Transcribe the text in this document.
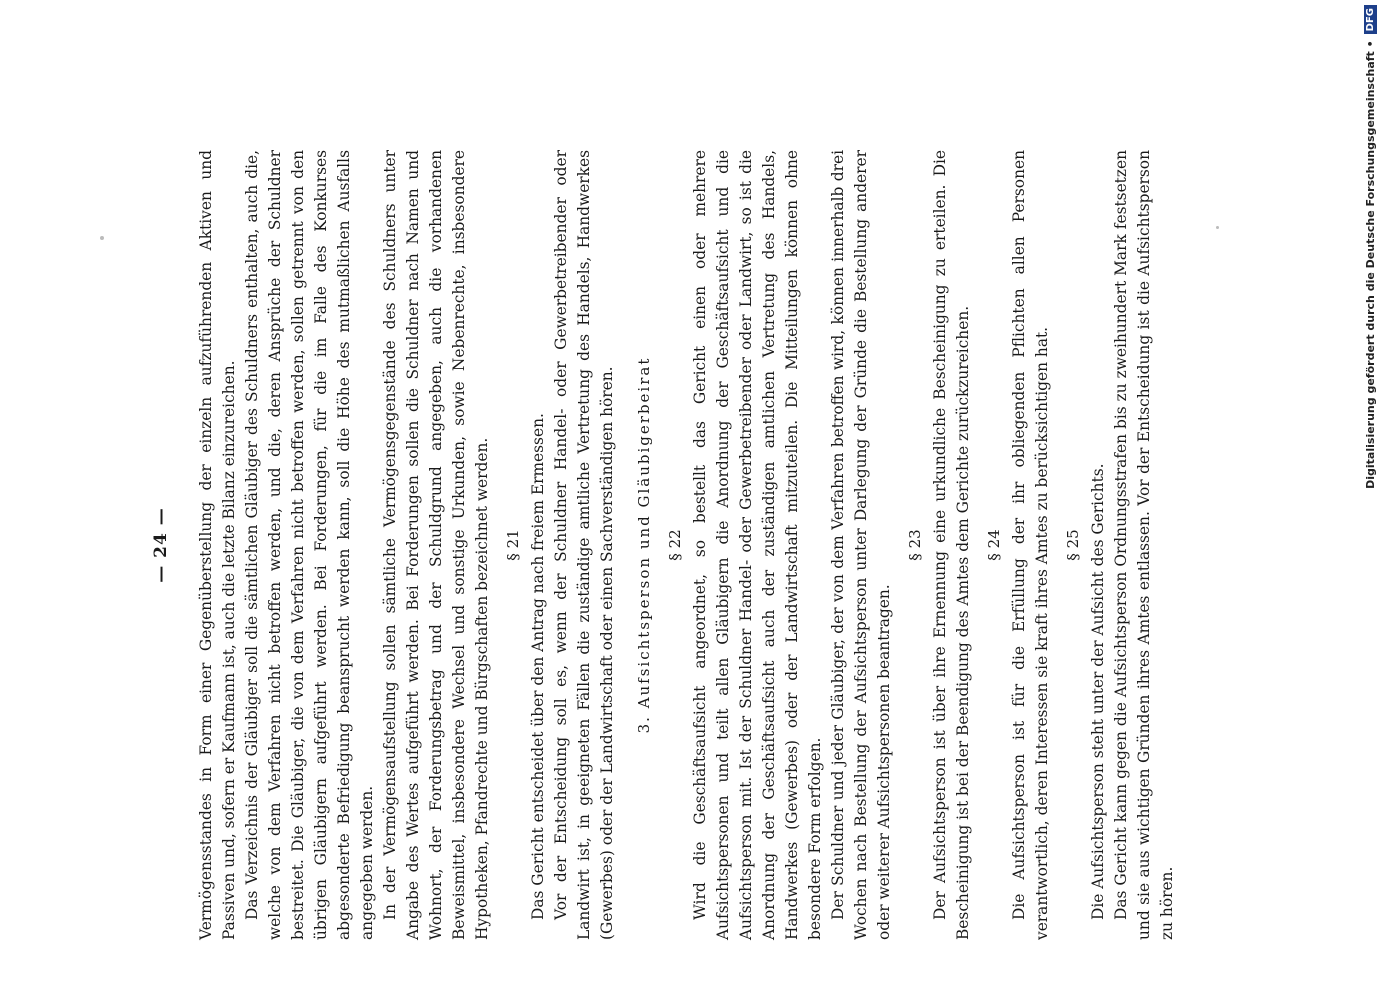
— 24 — Vermögensstandes in Form einer Gegenüberstellung der einzeln aufzuführenden Aktiven und Passiven und, sofern er Kaufmann ist, auch die letzte Bilanz einzureichen. Das Verzeichnis der Gläubiger soll die sämtlichen Gläubiger des Schuldners enthalten, auch die, welche von dem Verfahren nicht betroffen werden, und die, deren Ansprüche der Schuldner bestreitet. Die Gläubiger, die von dem Verfahren nicht betroffen werden, sollen getrennt von den übrigen Gläubigern aufgeführt werden. Bei Forderungen, für die im Falle des Konkurses abgesonderte Befriedigung beansprucht werden kann, soll die Höhe des mutmaßlichen Ausfalls angegeben werden. In der Vermögensaufstellung sollen sämtliche Vermögensgegenstände des Schuldners unter Angabe des Wertes aufgeführt werden. Bei Forderungen sollen die Schuldner nach Namen und Wohnort, der Forderungsbetrag und der Schuldgrund angegeben, auch die vorhandenen Beweismittel, insbesondere Wechsel und sonstige Urkunden, sowie Nebenrechte, insbesondere Hypotheken, Pfandrechte und Bürgschaften bezeichnet werden. § 21 Das Gericht entscheidet über den Antrag nach freiem Ermessen. Vor der Entscheidung soll es, wenn der Schuldner Handel- oder Gewerbetreibender oder Landwirt ist, in geeigneten Fällen die zuständige amtliche Vertretung des Handels, Handwerkes (Gewerbes) oder der Landwirtschaft oder einen Sachverständigen hören. 3. Aufsichtsperson und Gläubigerbeirat § 22 Wird die Geschäftsaufsicht angeordnet, so bestellt das Gericht einen oder mehrere Aufsichtspersonen und teilt allen Gläubigern die Anordnung der Geschäftsaufsicht und die Aufsichtsperson mit. Ist der Schuldner Handel- oder Gewerbetreibender oder Landwirt, so ist die Anordnung der Geschäftsaufsicht auch der zuständigen amtlichen Vertretung des Handels, Handwerkes (Gewerbes) oder der Landwirtschaft mitzuteilen. Die Mitteilungen können ohne besondere Form erfolgen. Der Schuldner und jeder Gläubiger, der von dem Verfahren betroffen wird, können innerhalb drei Wochen nach Bestellung der Aufsichtsperson unter Darlegung der Gründe die Bestellung anderer oder weiterer Aufsichtspersonen beantragen.

§ 23 Der Aufsichtsperson ist über ihre Ernennung eine urkundliche Bescheinigung zu erteilen. Die Bescheinigung ist bei der Beendigung des Amtes dem Gerichte zurückzureichen. § 24 Die Aufsichtsperson ist für die Erfüllung der ihr obliegenden Pflichten allen Personen verantwortlich, deren Interessen sie kraft ihres Amtes zu berücksichtigen hat. § 25 Die Aufsichtsperson steht unter der Aufsicht des Gerichts. Das Gericht kann gegen die Aufsichtsperson Ordnungsstrafen bis zu zweihundert Mark festsetzen und sie aus wichtigen Gründen ihres Amtes entlassen. Vor der Entscheidung ist die Aufsichtsperson zu hören.

Digitalisierung gefördert durch die Deutsche Forschungsgemeinschaft •
DFG
